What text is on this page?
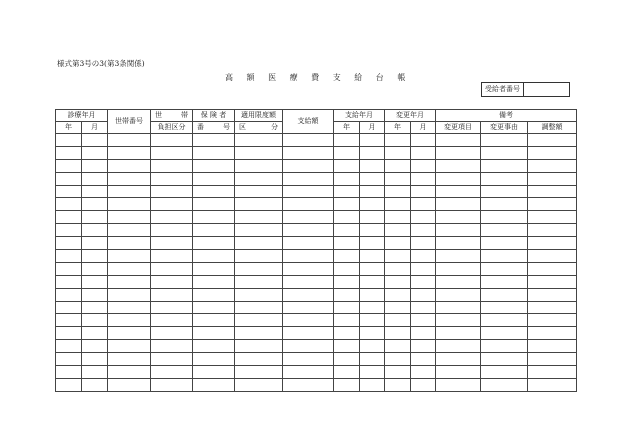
様式第3号の3(第3条関係)
高 額 医 療 費 支 給 台 帳
受給者番号
診療年月		世帯番号	世 帯	保 険 者	適用限度額	支給額	支給年月		変更年月		備考		
年	月		負担区分	番 号	区 分		年	月	年	月	変更項目	変更事由	調整額
